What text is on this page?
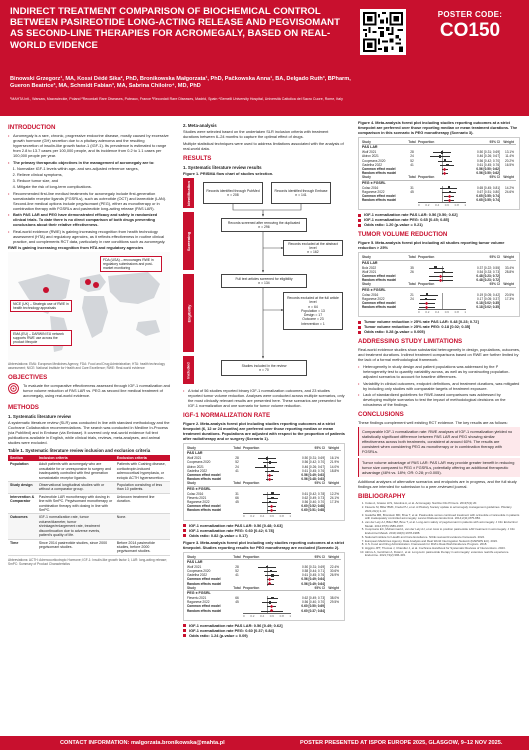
INDIRECT TREATMENT COMPARISON OF BIOCHEMICAL CONTROL BETWEEN PASIREOTIDE LONG-ACTING RELEASE AND PEGVISOMANT AS SECOND-LINE THERAPIES FOR ACROMEGALY, BASED ON REAL-WORLD EVIDENCE
Binowski Grzegorz¹, MA, Kossi Dédé Sika², PhD, Bronikowska Małgorzata¹, PhD, Pačkowska Anna¹, BA, Delgado Ruth³, BPharm, Gueron Beatrice³, MA, Schmidt Fabian³, MA, Sabrina Chiloiro⁴, MD, PhD
¹MAHTA Intl., Warsaw, Mazowieckie, Poland ²Recordati Rare Diseases, Puteaux, France ³Recordati Rare Diseases, Madrid, Spain ⁴Gemelli University Hospital, Università Cattolica del Sacro Cuore, Rome, Italy
POSTER CODE:
CO150
INTRODUCTION
• Acromegaly is a rare, chronic, progressive endocrine disease, mostly caused by excessive growth hormone (GH) secretion due to a pituitary adenoma and the resulting hypersecretion of insulin-like growth factor-1 (IGF-1). Its prevalence is estimated to range from 2.8 to 13.7 cases per 100,000 people, and its incidence from 0.2 to 1.1 cases per 100,000 people per year.
• The primary therapeutic objectives in the management of acromegaly are to:
1. Normalize IGF-1 levels within age- and sex-adjusted reference ranges,
2. Relieve clinical symptoms,
3. Reduce tumor size, and
4. Mitigate the risk of long-term complications.
• Recommended first-line medical treatments for acromegaly include first-generation somatostatin receptor ligands (FGSRLs), such as octreotide (OCT) and lanreotide (LAN). Second-line medical options include pegvisomant (PEG), either as monotherapy or in combination therapy with FGSRLs and pasireotide long-acting release (PAS LAR).
• Both PAS LAR and PEG have demonstrated efficacy and safety in randomized clinical trials. To date there is no direct comparison of both drugs preventing conclusions about their relative effectiveness.
• Real-world evidence (RWE) is gaining increasing recognition from health technology assessment (HTA) and regulatory agencies, as it reflects effectiveness in routine clinical practice, and complements RCT data, particularly in rare conditions such as acromegaly.

RWE is gaining increasing recognition from HTA and regulatory agencies

FDA (USA) – encourages RWE in regulatory submissions and post-market monitoring
NICE (UK) – Strategic use of RWE in health technology appraisals
EMA (EU) – DARWIN EU network supports RWE use across the product lifecycle

Abbreviations: EMA: European Medicines Agency; FDA: Food and Drug Administration; HTA: health technology assessment; NICE: National Institute for Health and Care Excellence; RWE: Real-world evidence

OBJECTIVES

To evaluate the comparative effectiveness assessed through IGF-1 normalization and tumor volume reduction of PAS LAR vs. PEG as second line medical treatment of acromegaly, using real-world evidence.

METHODS
1. Systematic literature review

A systematic literature review (SLR) was conducted in line with standard methodology and the Cochrane Collaboration recommendations. The search was conducted in Medline In-Process (via PubMed) and in Embase (via Embase). It covered only real-world evidence full text publications available in English, while clinical trials, reviews, meta-analyses, and animal studies were excluded.

Table 1. Systematic literature review inclusion and exclusion criteria
Section	Inclusion criteria	Exclusion criteria
Population	Adult patients with acromegaly who are unsuitable for or unresponsive to surgery and inadequately controlled with first generation somatostatin receptor ligands.	Patients with Cushing disease, corticotropin-induced adrenocortical hyperplasia, or ectopic ACTH hypersecretion.
Study design	Observational longitudinal studies with or without a comparator group.	Population consisting of less than 10 patients.
Intervention & Comparator	Pasireotide LAR monotherapy with dosing in line with SmPC. Pegvisomant monotherapy or combination therapy with dosing in line with SmPC.	Unknown treatment line duration.
Outcomes	IGF-1 normalization rate, tumor volume/diameter, tumor shrinkage/enlargement rate, treatment discontinuation due to adverse events, patient's quality of life.	None.
Time	Since 2014 pasireotide studies, since 2000 pegvisomant studies.	Before 2014 pasireotide studies, before 2000 pegvisomant studies.

Abbreviations: ACTH: Adrenocorticotropic Hormone; IGF-1: Insulin-like growth factor 1; LAR: long-acting release; SmPC: Summary of Product Characteristics

2. Meta-analysis

Studies were selected based on the undertaken SLR inclusion criteria with treatment durations between 6–24 months to capture the optimal effect of drugs.

Multiple statistical techniques were used to address limitations associated with the analysis of real-world data.

RESULTS
1. Systematic literature review results

Figure 1. PRISMA flow chart of studies selection.

Identification
Screening
Eligibility
Included
Records identified through PubMed
n = 208
Records identified through Embase
n = 141
Records screened after removing the duplicated
n = 296
Records excluded at the abstract level
n = 162
Full text articles screened for eligibility
n = 134
Records excluded at the full article level
n = 64
Population = 13
Design = 17
Outcome = 23
Intervention = 1
Studies included in the review
n = 70
• A total of 56 studies reported binary IGF-1 normalization outcomes, and 23 studies reported tumor volume reduction. Analyses were conducted across multiple scenarios, only the most clinically relevant results are presented here. These scenarios are presented for IGF-1 normalization and one scenario for tumor volume reduction.
IGF-1 NORMALIZATION RATE

Figure 2. Meta-analysis forest plot including studies reporting outcomes at a strict timepoint (6, 12 or 24 months) are preferred over those reporting median or mean treatment durations. Populations are adjusted with respect to the proportion of patients after radiotherapy and or surgery (Scenario 1).

Study	Total Proportion	95% CI	Weight
PAS LAR
Wolf 2021	28	0.50 [0.31; 0.69]	16.1%
Coopmans 2020	52	0.56 [0.42; 0.70]	21.9%
Akirov 2021	24	0.46 [0.26; 0.67]	14.0%
Gadelha 2022	41	0.61 [0.45; 0.76]	18.8%
Common effect model	0.56 [0.49; 0.63]
Random effects model	0.56 [0.48; 0.63]
Study	Total Proportion	95% CI	Weight
PEG ± FGSRL
Colao 2016	31	0.61 [0.42; 0.78]	12.2%
Fleseriu 2021	66	0.62 [0.49; 0.73]	24.1%
Ragonese 2022	45	0.56 [0.40; 0.70]	17.3%
Common effect model	0.60 [0.52; 0.68]
Random effects model	0.60 [0.51; 0.68]
0 0.2 0.4 0.6 0.8 1
IGF-1 normalization rate PAS LAR: 0.56 [0.48; 0.63]
IGF-1 normalization rate PEG: 0.60 [0.42; 0.78]
Odds ratio: 0.82 (p-value = 0.17)

Figure 3. Meta-analysis forest plot including only studies reporting outcomes at a strict timepoint. Studies reporting results for PEG monotherapy are excluded (Scenario 2).

Study	Total Proportion	95% CI	Weight
PAS LAR
Wolf 2021	28	0.50 [0.31; 0.69]	22.4%
Coopmans 2020	52	0.58 [0.44; 0.71]	30.6%
Gadelha 2022	41	0.61 [0.45; 0.76]	26.9%
Common effect model	0.56 [0.49; 0.64]
Random effects model	0.56 [0.49; 0.64]
Study	Total Proportion	95% CI	Weight
PEG ± FGSRL
Fleseriu 2021	66	0.62 [0.49; 0.73]	38.0%
Ragonese 2022	45	0.56 [0.40; 0.70]	29.5%
Common effect model	0.60 [0.50; 0.69]
Random effects model	0.60 [0.37; 0.84]
0 0.2 0.4 0.6 0.8 1
IGF-1 normalization rate PAS LAR: 0.56 [0.49; 0.62]
IGF-1 normalization rate PEG: 0.60 [0.37; 0.84]
Odds ratio: 1.24 (p-value = 0.09)

Figure 4. Meta-analysis forest plot including studies reporting outcomes at a strict timepoint are preferred over those reporting median or mean treatment durations. The comparison in this scenario is PEG monotherapy (Scenario 3).

Study	Total Proportion	95% CI	Weight
PAS LAR
Wolf 2021	28	0.50 [0.31; 0.69]	13.1%
Akirov 2021	24	0.46 [0.26; 0.67]	11.4%
Coopmans 2020	52	0.56 [0.42; 0.70]	20.2%
Gadelha 2022	41	0.61 [0.45; 0.76]	16.5%
Common effect model	0.56 [0.50; 0.62]
Random effects model	0.56 [0.50; 0.62]
Study	Total Proportion	95% CI	Weight
PEG ± FGSRL
Colao 2016	31	0.65 [0.45; 0.81]	14.2%
Ragonese 2022	45	0.67 [0.51; 0.80]	24.6%
Common effect model	0.65 [0.55; 0.74]
Random effects model	0.65 [0.55; 0.74]
0 0.2 0.4 0.6 0.8 1
IGF-1 normalization rate PAS LAR: 0.56 [0.50; 0.62]
IGF-1 normalization rate PEG: 0.65 [0.45; 0.85]
Odds ratio: 1.20 (p-value = 0.21)
TUMOR VOLUME REDUCTION

Figure 5. Meta-analysis forest plot including all studies reporting tumor volume reduction > 25%

Study	Total Proportion	95% CI	Weight
PAS LAR
Bolz 2022	35	0.37 [0.22; 0.55]	33.4%
Wolf 2021	26	0.54 [0.33; 0.73]	28.8%
Common effect model	0.48 [0.23; 0.72]
Random effects model	0.48 [0.23; 0.72]
Study	Total Proportion	95% CI	Weight
PEG ± FGSRL
Colao 2016	21	0.19 [0.05; 0.42]	20.5%
Ragonese 2022	24	0.17 [0.05; 0.37]	17.3%
Common effect model	0.18 [0.02; 0.35]
Random effects model	0.18 [0.02; 0.35]
0 0.2 0.4 0.6 0.8 1
Tumor volume reduction > 25% rate PAS LAR: 0.48 [0.23; 0.72]
Tumor volume reduction > 25% rate PEG: 0.18 [0.02; 0.35]
Odds ratio: 0.28 (p-value = 0.005)
ADDRESSING STUDY LIMITATIONS

Real-world evidence studies show substantial heterogeneity in design, populations, outcomes, and treatment durations. Indirect treatment comparisons based on RWE are further limited by the lack of a formal methodological framework.

• Heterogeneity in study design and patient populations was addressed by the I² heterogeneity test to quantify variability across, as well as by constructing population-adjusted scenarios to account for baseline differences.
• Variability in clinical outcomes, endpoint definitions, and treatment durations, was mitigated by including only studies with comparable targets of treatment exposure.
• Lack of standardized guidelines for RWE-based comparisons was addressed by developing multiple scenarios to test the impact of methodological decisions on the robustness of the findings.
CONCLUSIONS

These findings complement well existing RCT evidence. The key results are as follows:

Comparable IGF-1 normalization rate: RWE analyses of IGF-1 normalization yielded no statistically significant difference between PAS LAR and PEG showing similar effectiveness across both treatments, consistent at around 60%. The results are consistent when considering PEG as monotherapy or in combination therapy with FGSRLs.
Tumor volume advantage of PAS LAR: PAS LAR may provide greater benefit in reducing tumor size compared to PEG ± FGSRLs, potentially offering an additional therapeutic advantage (48% vs. 18%; OR: 0.28; p<0.005).

Additional analyses of alternative scenarios and endpoints are in progress, and the full study findings are intended for submission to a peer-reviewed journal.

BIBLIOGRAPHY
1. Colao A, Grasso LFS, Giustina A, et al. Acromegaly. Nat Rev Dis Primers. 2019;5(1):20.
2. Fleseriu M, Biller BMK, Freda PU, et al. A Pituitary Society update to acromegaly management guidelines. Pituitary. 2021;24(1):1-13.
3. Gadelha MR, Bronstein MD, Brue T, et al. Pasireotide versus continued treatment with octreotide or lanreotide in patients with inadequately controlled acromegaly. Lancet Diabetes Endocrinol. 2014;2(11):875-884.
4. van der Lely AJ, Biller BM, Brue T, et al. Long-term safety of pegvisomant in patients with acromegaly. J Clin Endocrinol Metab. 2012;97(5):1589-1597.
5. Coopmans EC, Muhammad A, van der Lely AJ, et al. How to position pasireotide LAR treatment in acromegaly. J Clin Endocrinol Metab. 2019;104(6):1978-1988.
6. National Institute for Health and Care Excellence. NICE real-world evidence framework. 2022.
7. European Medicines Agency. Data Analysis and Real World Interrogation Network (DARWIN EU). 2023.
8. U.S. Food and Drug Administration. Framework for FDA's Real-World Evidence Program. 2018.
9. Higgins JPT, Thomas J, Chandler J, et al. Cochrane Handbook for Systematic Reviews of Interventions. 2023.
10. Akirov A, Gorshtein A, Dotan I, et al. Long-term pasireotide therapy in acromegaly: extensive real-life experience. Endocrine. 2021;74(2):396-403.
CONTACT INFORMATION: malgorzata.bronikowska@mahta.pl	POSTER PRESENTED AT ISPOR EUROPE 2025, GLASGOW, 9–12 NOV 2025.
